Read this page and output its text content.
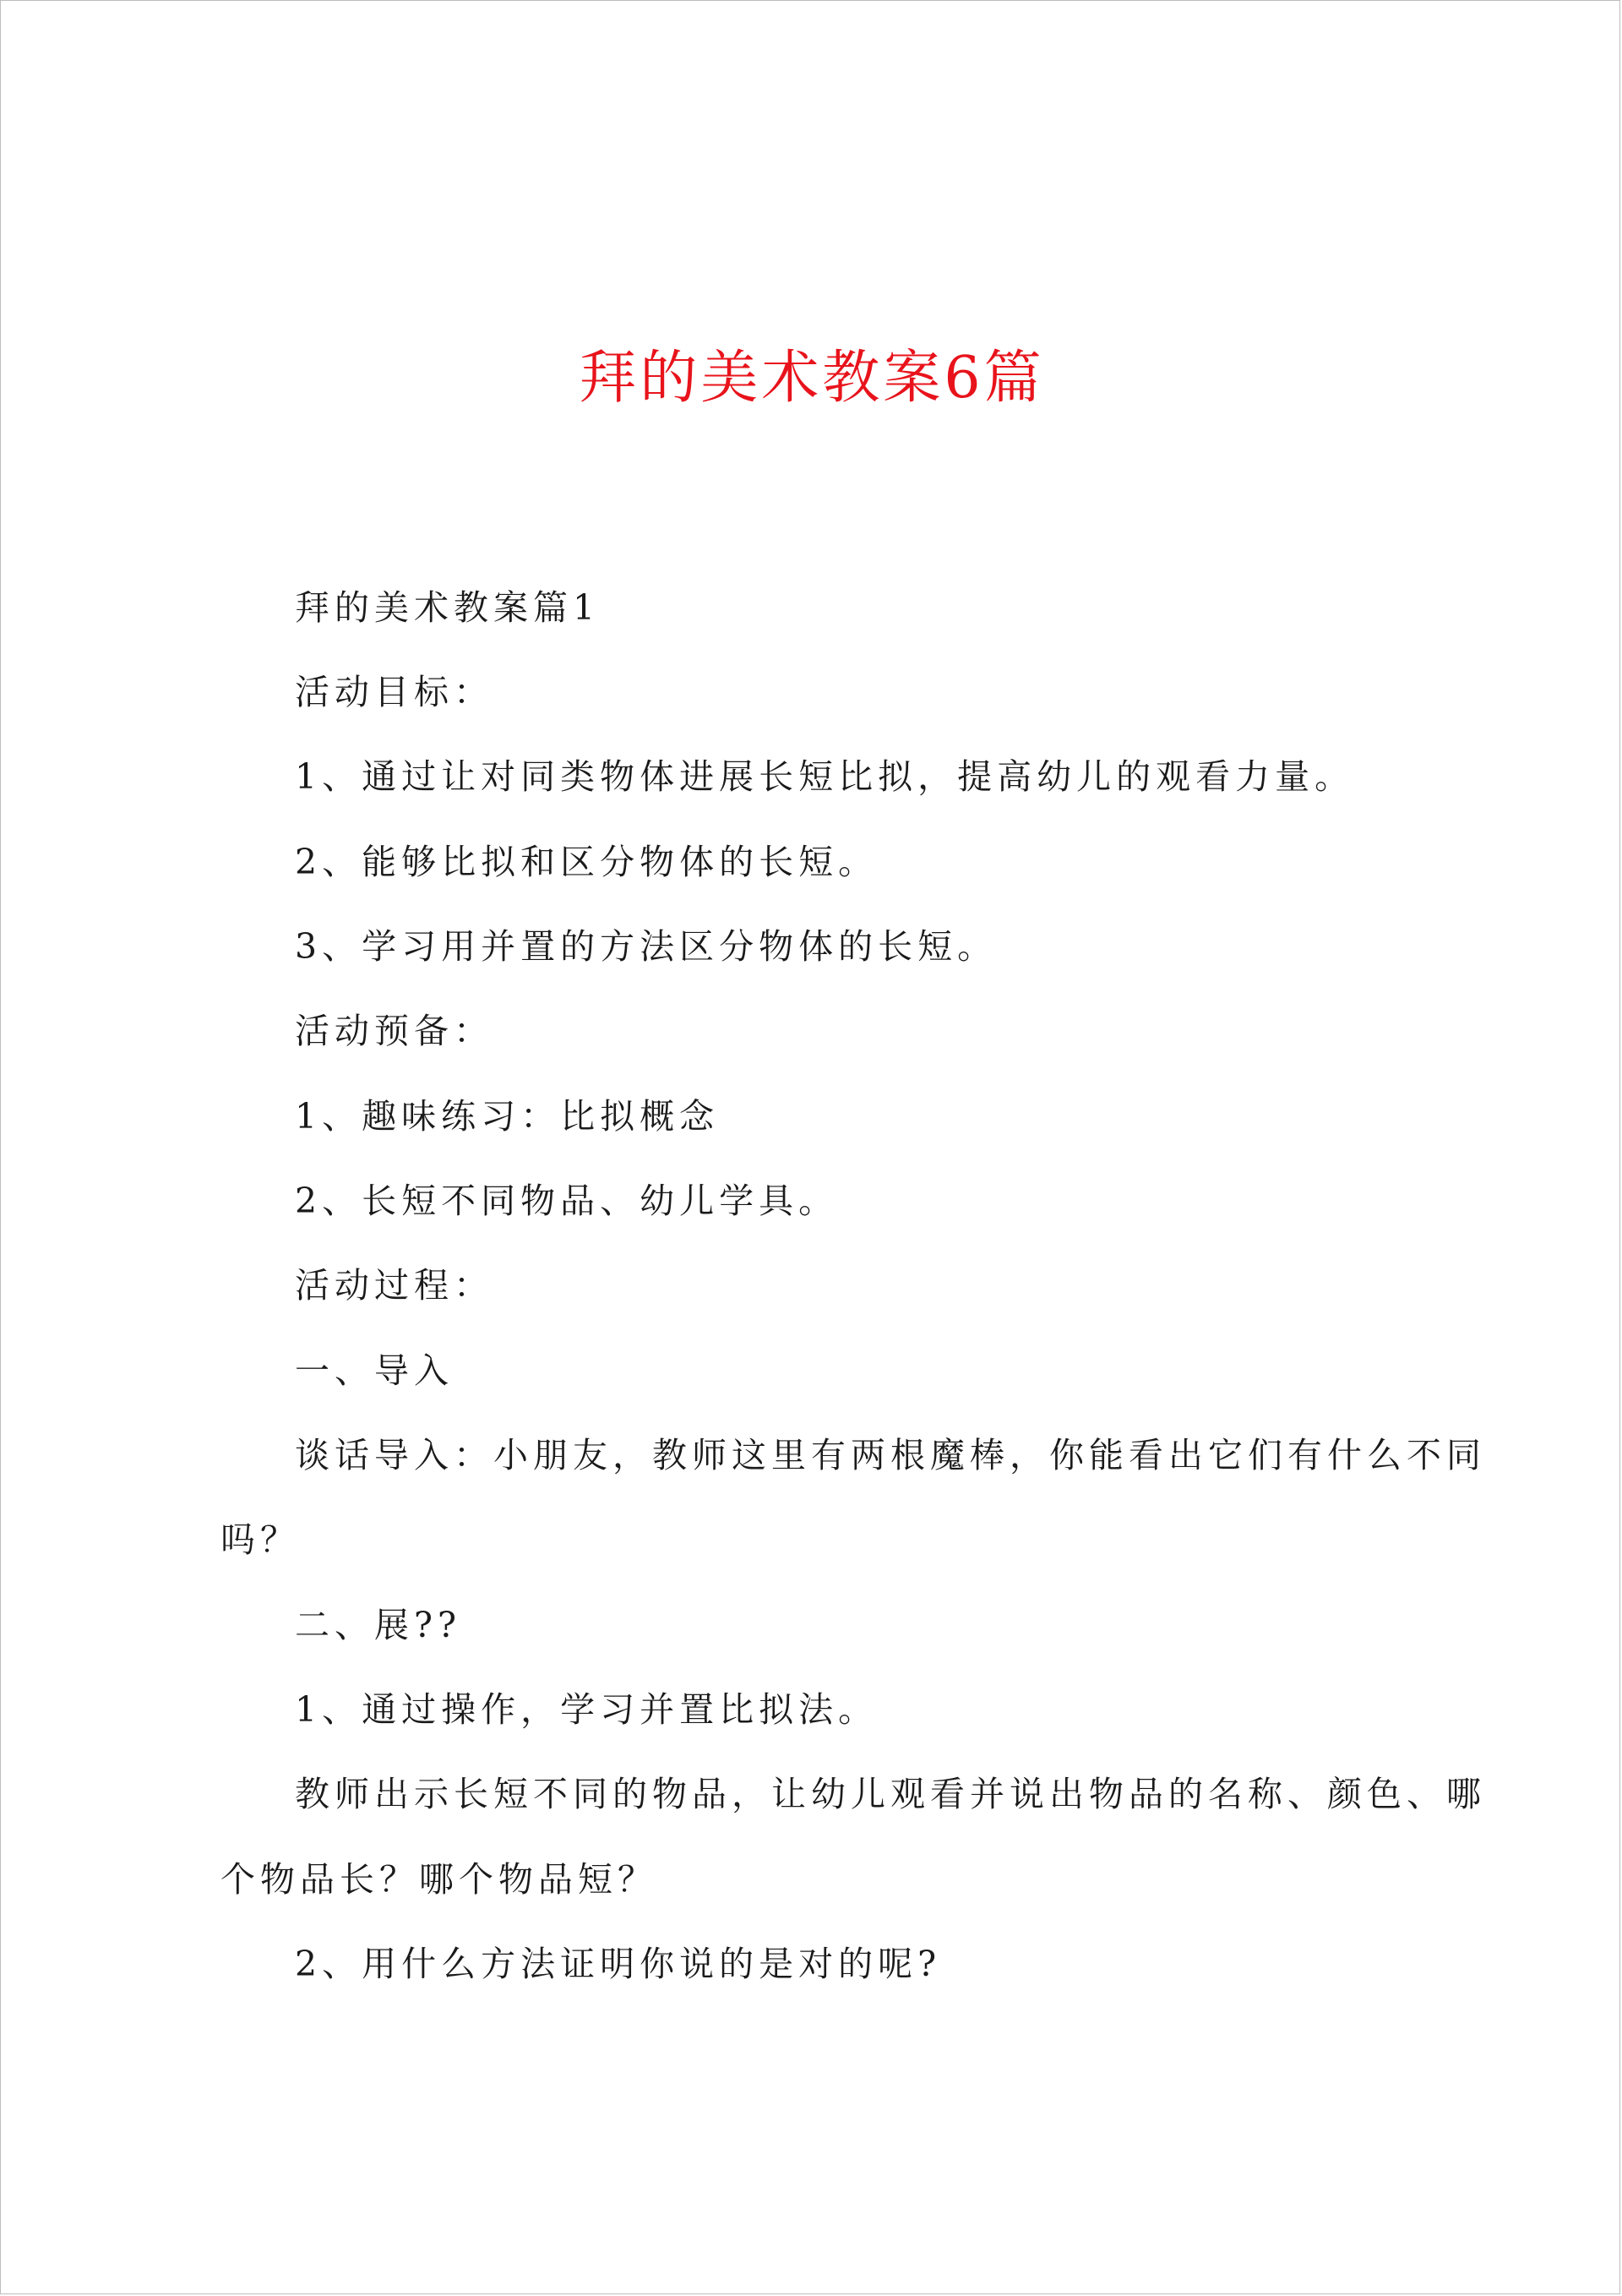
拜的美术教案6篇
拜的美术教案篇1
活动目标：
1、通过让对同类物体进展长短比拟，提高幼儿的观看力量。
2、能够比拟和区分物体的长短。
3、学习用并置的方法区分物体的长短。
活动预备：
1、趣味练习：比拟概念
2、长短不同物品、幼儿学具。
活动过程：
一、导入
谈话导入：小朋友，教师这里有两根魔棒，你能看出它们有什么不同
吗？
二、展??
1、通过操作，学习并置比拟法。
教师出示长短不同的物品，让幼儿观看并说出物品的名称、颜色、哪
个物品长？哪个物品短？
2、用什么方法证明你说的是对的呢?
